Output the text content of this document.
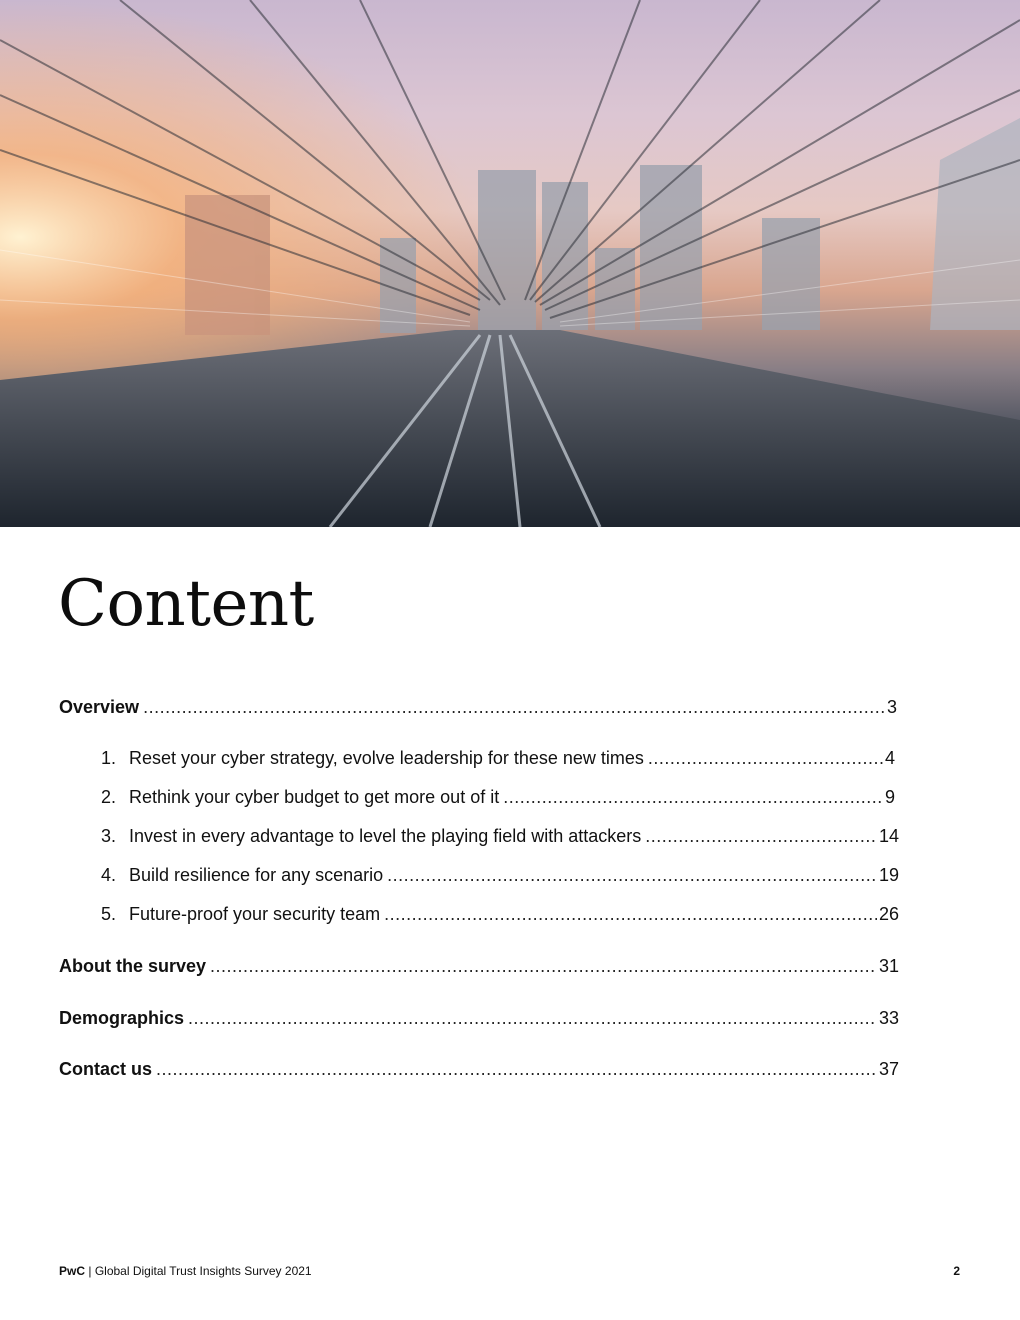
Content
Overview .....	3
1. Reset your cyber strategy, evolve leadership for these new times .....	4
2. Rethink your cyber budget to get more out of it .....	9
3. Invest in every advantage to level the playing field with attackers .....	14
4. Build resilience for any scenario .....	19
5. Future-proof your security team .....	26
About the survey .....	31
Demographics .....	33
Contact us .....	37
PwC | Global Digital Trust Insights Survey 2021	2
